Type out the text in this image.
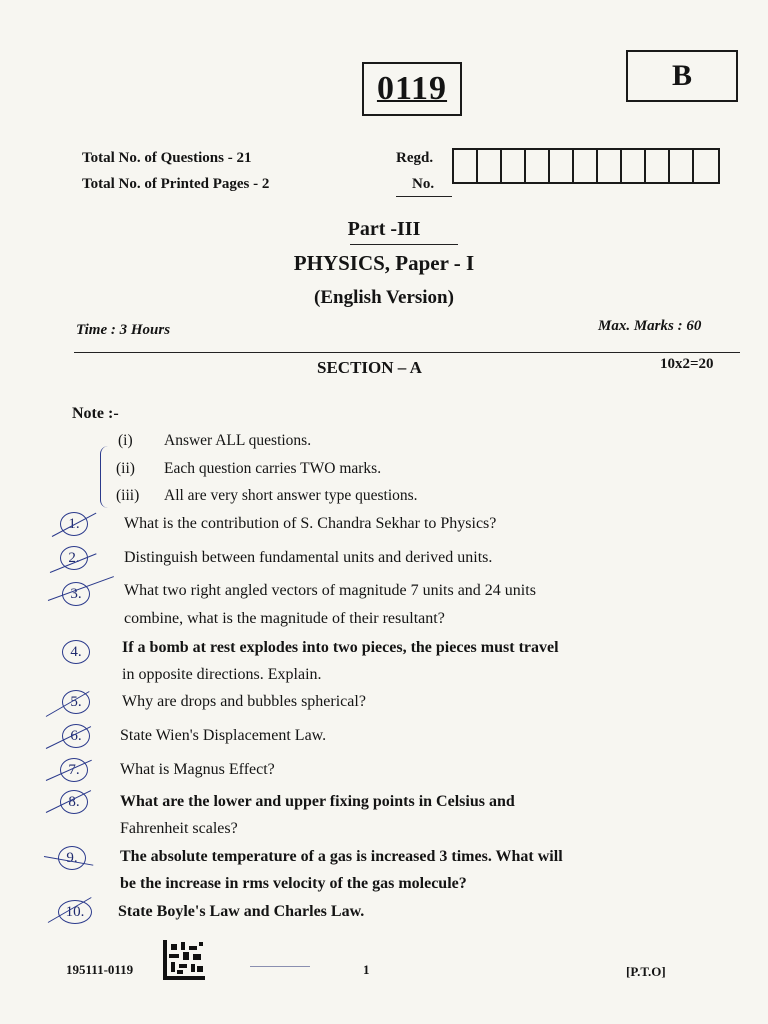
0119	B
Total No. of Questions - 21
Total No. of Printed Pages - 2
Regd.
No.
Part -III
PHYSICS, Paper - I
(English Version)
Time : 3 Hours	Max. Marks : 60
SECTION – A	10x2=20
Note :-
(i) Answer ALL questions.
(ii) Each question carries TWO marks.
(iii) All are very short answer type questions.
1.	What is the contribution of S. Chandra Sekhar to Physics?
2.	Distinguish between fundamental units and derived units.
3.	What two right angled vectors of magnitude 7 units and 24 units
combine, what is the magnitude of their resultant?
4.	If a bomb at rest explodes into two pieces, the pieces must travel
in opposite directions. Explain.
5.	Why are drops and bubbles spherical?
6.	State Wien's Displacement Law.
7.	What is Magnus Effect?
8.	What are the lower and upper fixing points in Celsius and
Fahrenheit scales?
9.	The absolute temperature of a gas is increased 3 times. What will
be the increase in rms velocity of the gas molecule?
10.	State Boyle's Law and Charles Law.
195111-0119	1	[P.T.O]
